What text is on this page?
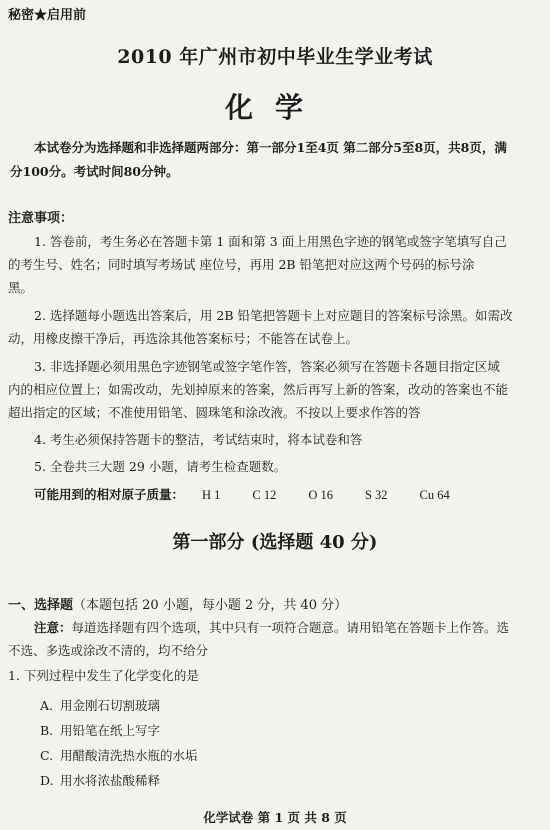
秘密★启用前
2010 年广州市初中毕业生学业考试
化学
本试卷分为选择题和非选择题两部分：第一部分1至4页 第二部分5至8页，共8页，满
分100分。考试时间80分钟。
注意事项：
1. 答卷前，考生务必在答题卡第 1 面和第 3 面上用黑色字迹的钢笔或签字笔填写自己
的考生号、姓名；同时填写考场试 座位号，再用 2B 铅笔把对应这两个号码的标号涂
黑。
2. 选择题每小题选出答案后，用 2B 铅笔把答题卡上对应题目的答案标号涂黑。如需改
动，用橡皮擦干净后，再选涂其他答案标号；不能答在试卷上。
3. 非选择题必须用黑色字迹钢笔或签字笔作答，答案必须写在答题卡各题目指定区域
内的相应位置上；如需改动，先划掉原来的答案，然后再写上新的答案，改动的答案也不能
超出指定的区域；不准使用铅笔、圆珠笔和涂改液。不按以上要求作答的答
4. 考生必须保持答题卡的整洁，考试结束时，将本试卷和答
5. 全卷共三大题 29 小题，请考生检查题数。
可能用到的相对原子质量： H 1	C 12	O 16	S 32	Cu 64
第一部分 (选择题 40 分)
一、选择题（本题包括 20 小题，每小题 2 分，共 40 分）
注意：每道选择题有四个选项，其中只有一项符合题意。请用铅笔在答题卡上作答。选
不选、多选或涂改不清的，均不给分
1. 下列过程中发生了化学变化的是
A. 用金刚石切割玻璃
B. 用铅笔在纸上写字
C. 用醋酸清洗热水瓶的水垢
D. 用水将浓盐酸稀释
化学试卷 第 1 页 共 8 页
